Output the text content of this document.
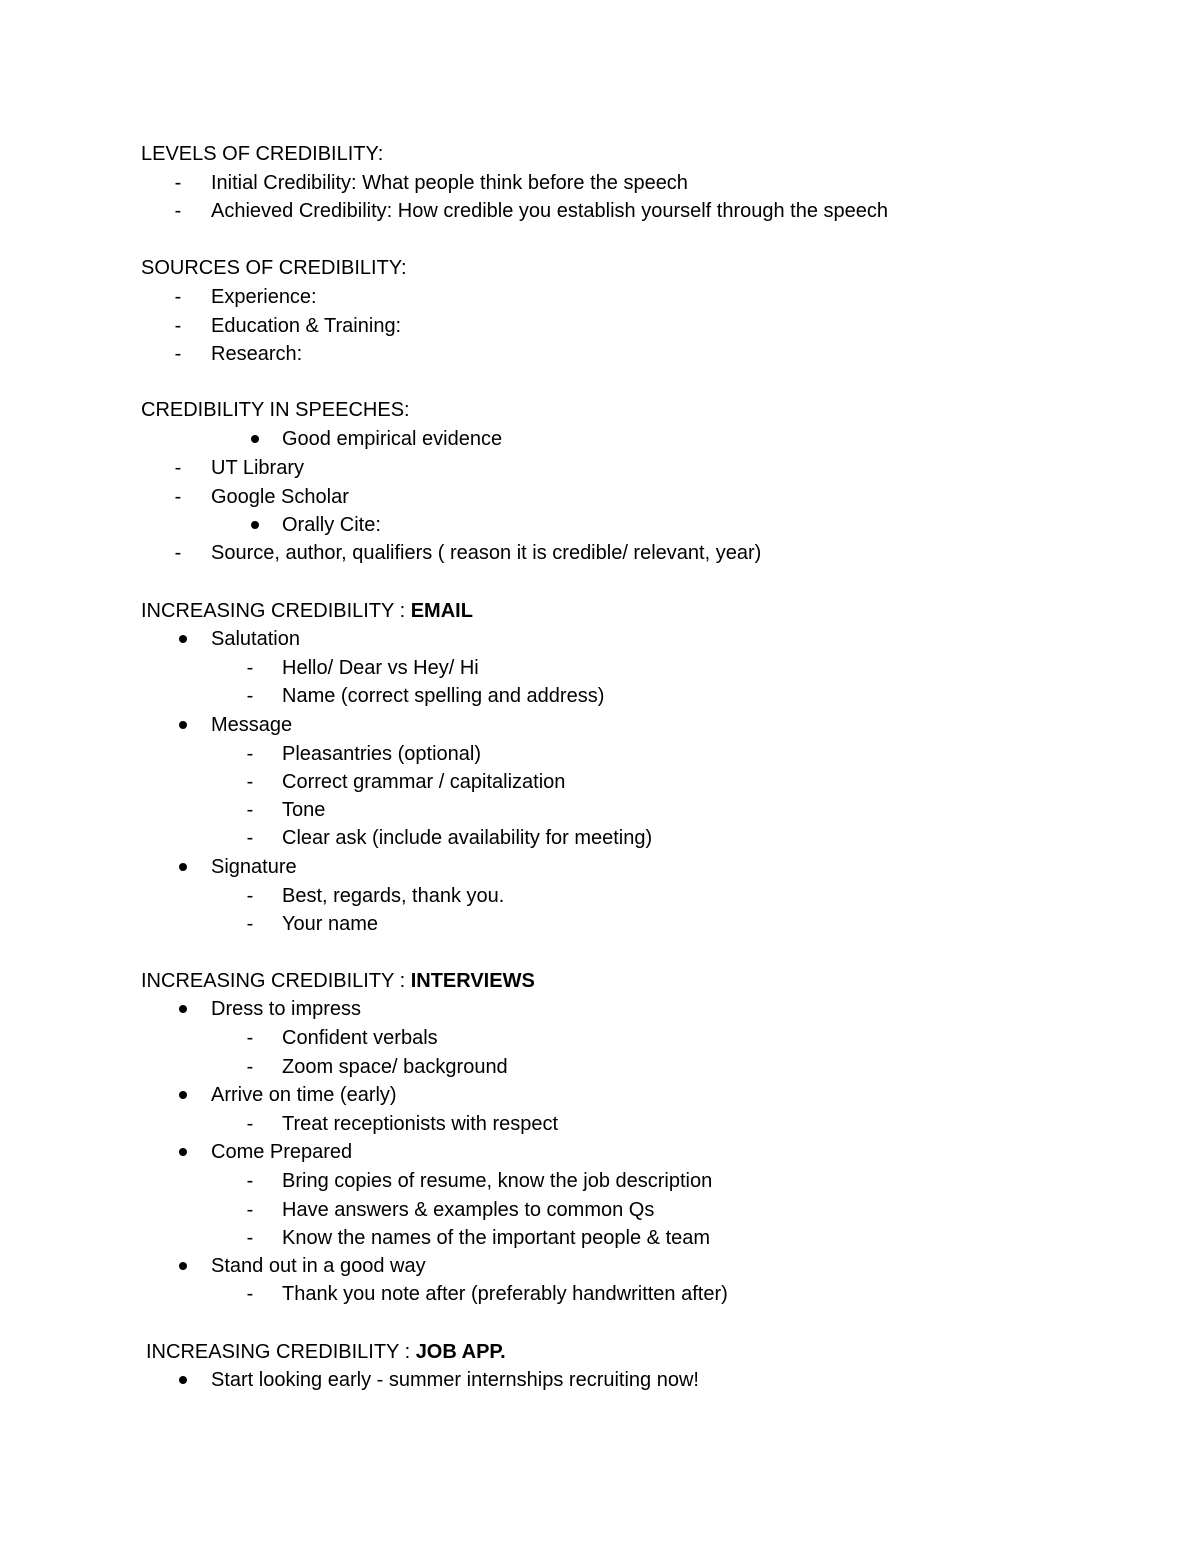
LEVELS OF CREDIBILITY:
-	Initial Credibility: What people think before the speech
-	Achieved Credibility: How credible you establish yourself through the speech
SOURCES OF CREDIBILITY:
-	Experience:
-	Education & Training:
-	Research:
CREDIBILITY IN SPEECHES:
Good empirical evidence
-	UT Library
-	Google Scholar
Orally Cite:
-	Source, author, qualifiers ( reason it is credible/ relevant, year)
INCREASING CREDIBILITY : EMAIL
Salutation
-	Hello/ Dear vs Hey/ Hi
-	Name (correct spelling and address)
Message
-	Pleasantries (optional)
-	Correct grammar / capitalization
-	Tone
-	Clear ask (include availability for meeting)
Signature
-	Best, regards, thank you.
-	Your name
INCREASING CREDIBILITY : INTERVIEWS
Dress to impress
-	Confident verbals
-	Zoom space/ background
Arrive on time (early)
-	Treat receptionists with respect
Come Prepared
-	Bring copies of resume, know the job description
-	Have answers & examples to common Qs
-	Know the names of the important people & team
Stand out in a good way
-	Thank you note after (preferably handwritten after)
INCREASING CREDIBILITY : JOB APP.
Start looking early - summer internships recruiting now!
